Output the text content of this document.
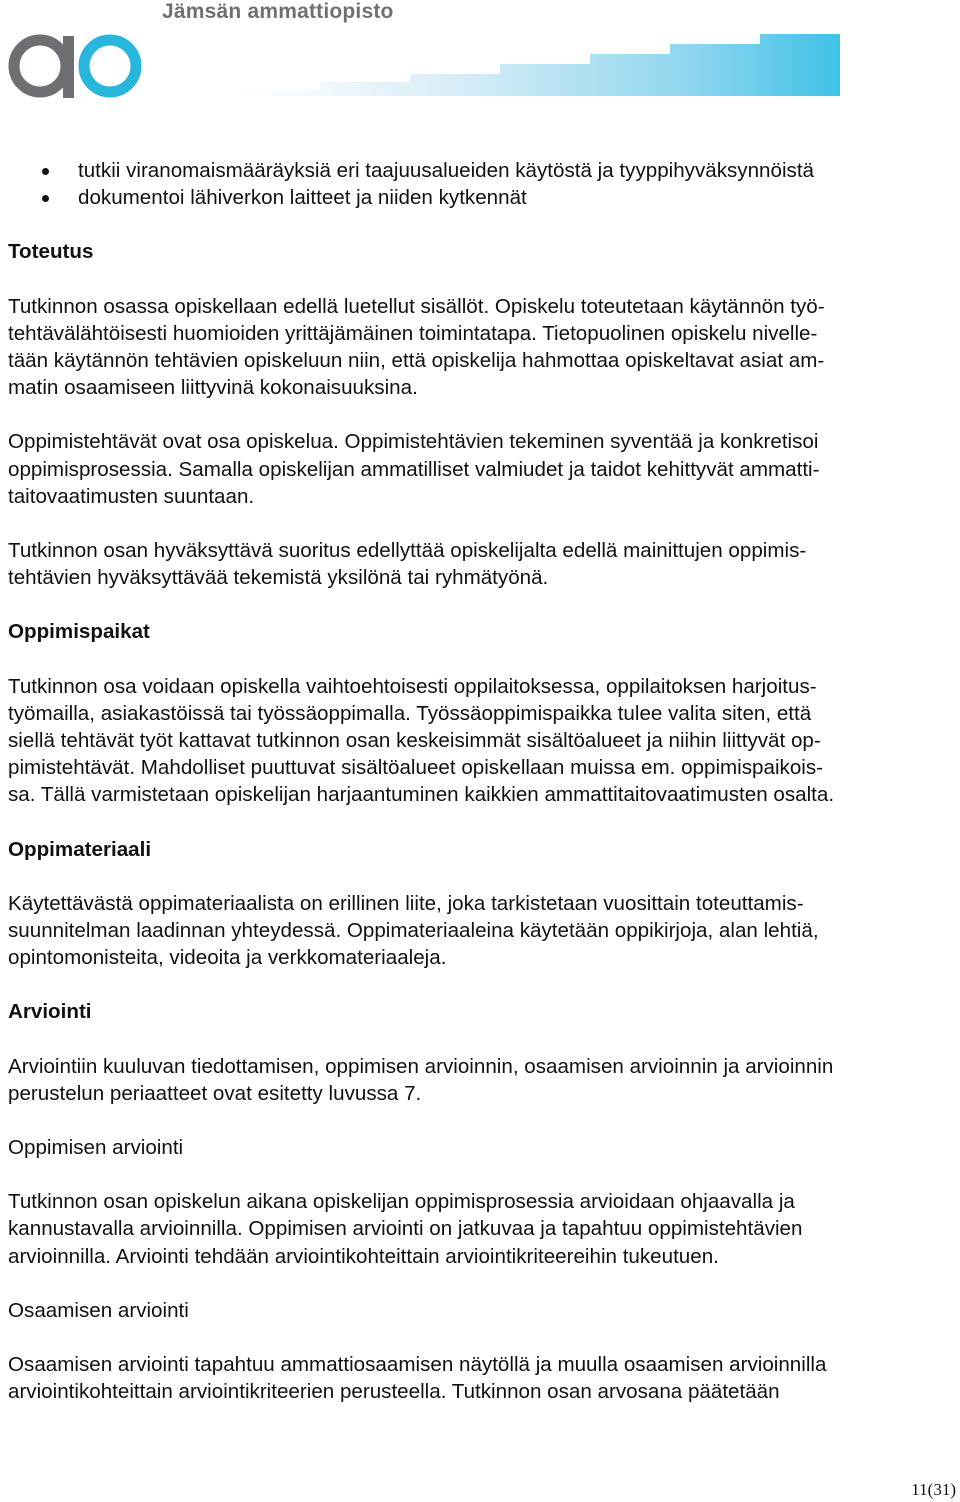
Jämsän ammattiopisto
tutkii viranomaismääräyksiä eri taajuusalueiden käytöstä ja tyyppihyväksynnöistä
dokumentoi lähiverkon laitteet ja niiden kytkennät
Toteutus

Tutkinnon osassa opiskellaan edellä luetellut sisällöt. Opiskelu toteutetaan käytännön työ-
tehtävälähtöisesti huomioiden yrittäjämäinen toimintatapa. Tietopuolinen opiskelu nivelle-
tään käytännön tehtävien opiskeluun niin, että opiskelija hahmottaa opiskeltavat asiat am-
matin osaamiseen liittyvinä kokonaisuuksina.

Oppimistehtävät ovat osa opiskelua. Oppimistehtävien tekeminen syventää ja konkretisoi
oppimisprosessia. Samalla opiskelijan ammatilliset valmiudet ja taidot kehittyvät ammatti-
taitovaatimusten suuntaan.

Tutkinnon osan hyväksyttävä suoritus edellyttää opiskelijalta edellä mainittujen oppimis-
tehtävien hyväksyttävää tekemistä yksilönä tai ryhmätyönä.

Oppimispaikat

Tutkinnon osa voidaan opiskella vaihtoehtoisesti oppilaitoksessa, oppilaitoksen harjoitus-
työmailla, asiakastöissä tai työssäoppimalla. Työssäoppimispaikka tulee valita siten, että
siellä tehtävät työt kattavat tutkinnon osan keskeisimmät sisältöalueet ja niihin liittyvät op-
pimistehtävät. Mahdolliset puuttuvat sisältöalueet opiskellaan muissa em. oppimispaikois-
sa. Tällä varmistetaan opiskelijan harjaantuminen kaikkien ammattitaitovaatimusten osalta.

Oppimateriaali

Käytettävästä oppimateriaalista on erillinen liite, joka tarkistetaan vuosittain toteuttamis-
suunnitelman laadinnan yhteydessä. Oppimateriaaleina käytetään oppikirjoja, alan lehtiä,
opintomonisteita, videoita ja verkkomateriaaleja.

Arviointi

Arviointiin kuuluvan tiedottamisen, oppimisen arvioinnin, osaamisen arvioinnin ja arvioinnin
perustelun periaatteet ovat esitetty luvussa 7.

Oppimisen arviointi

Tutkinnon osan opiskelun aikana opiskelijan oppimisprosessia arvioidaan ohjaavalla ja
kannustavalla arvioinnilla. Oppimisen arviointi on jatkuvaa ja tapahtuu oppimistehtävien
arvioinnilla. Arviointi tehdään arviointikohteittain arviointikriteereihin tukeutuen.

Osaamisen arviointi

Osaamisen arviointi tapahtuu ammattiosaamisen näytöllä ja muulla osaamisen arvioinnilla
arviointikohteittain arviointikriteerien perusteella. Tutkinnon osan arvosana päätetään

11(31)
